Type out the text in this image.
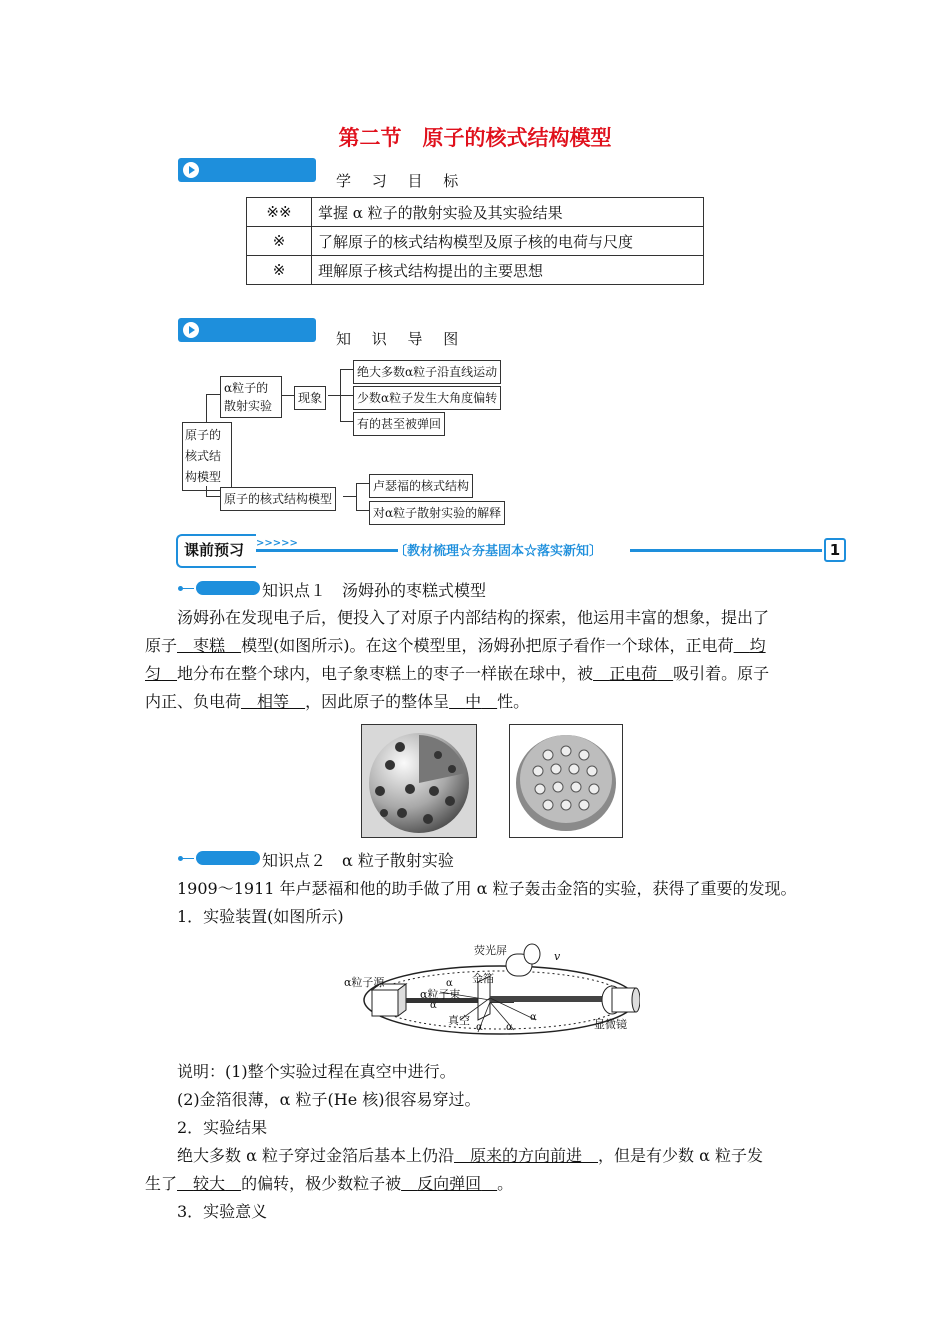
第二节　原子的核式结构模型
学 习 目 标
※※	掌握 α 粒子的散射实验及其实验结果
※	了解原子的核式结构模型及原子核的电荷与尺度
※	理解原子核式结构提出的主要思想
知 识 导 图
原子的
核式结
构模型
α粒子的
散射实验
现象
绝大多数α粒子沿直线运动
少数α粒子发生大角度偏转
有的甚至被弹回
原子的核式结构模型
卢瑟福的核式结构
对α粒子散射实验的解释
课前预习 >>>>>
〔教材梳理☆夯基固本☆落实新知〕	1
知识点１　汤姆孙的枣糕式模型

汤姆孙在发现电子后，便投入了对原子内部结构的探索，他运用丰富的想象，提出了

原子　 枣糕　 模型(如图所示)。在这个模型里，汤姆孙把原子看作一个球体，正电荷　 均

匀　 地分布在整个球内，电子象枣糕上的枣子一样嵌在球中，被　 正电荷　 吸引着。原子

内正、负电荷　 相等　 ，因此原子的整体呈　 中　 性。

知识点２　α 粒子散射实验

1909～1911 年卢瑟福和他的助手做了用 α 粒子轰击金箔的实验，获得了重要的发现。

1．实验装置(如图所示)

荧光屏
金箔
α粒子源
α粒子束
真空	显微镜
v
α
α
α α
α

说明：(1)整个实验过程在真空中进行。

(2)金箔很薄，α 粒子(He 核)很容易穿过。

2．实验结果

绝大多数 α 粒子穿过金箔后基本上仍沿　 原来的方向前进　 ，但是有少数 α 粒子发

生了　 较大　 的偏转，极少数粒子被　 反向弹回　 。

3．实验意义
